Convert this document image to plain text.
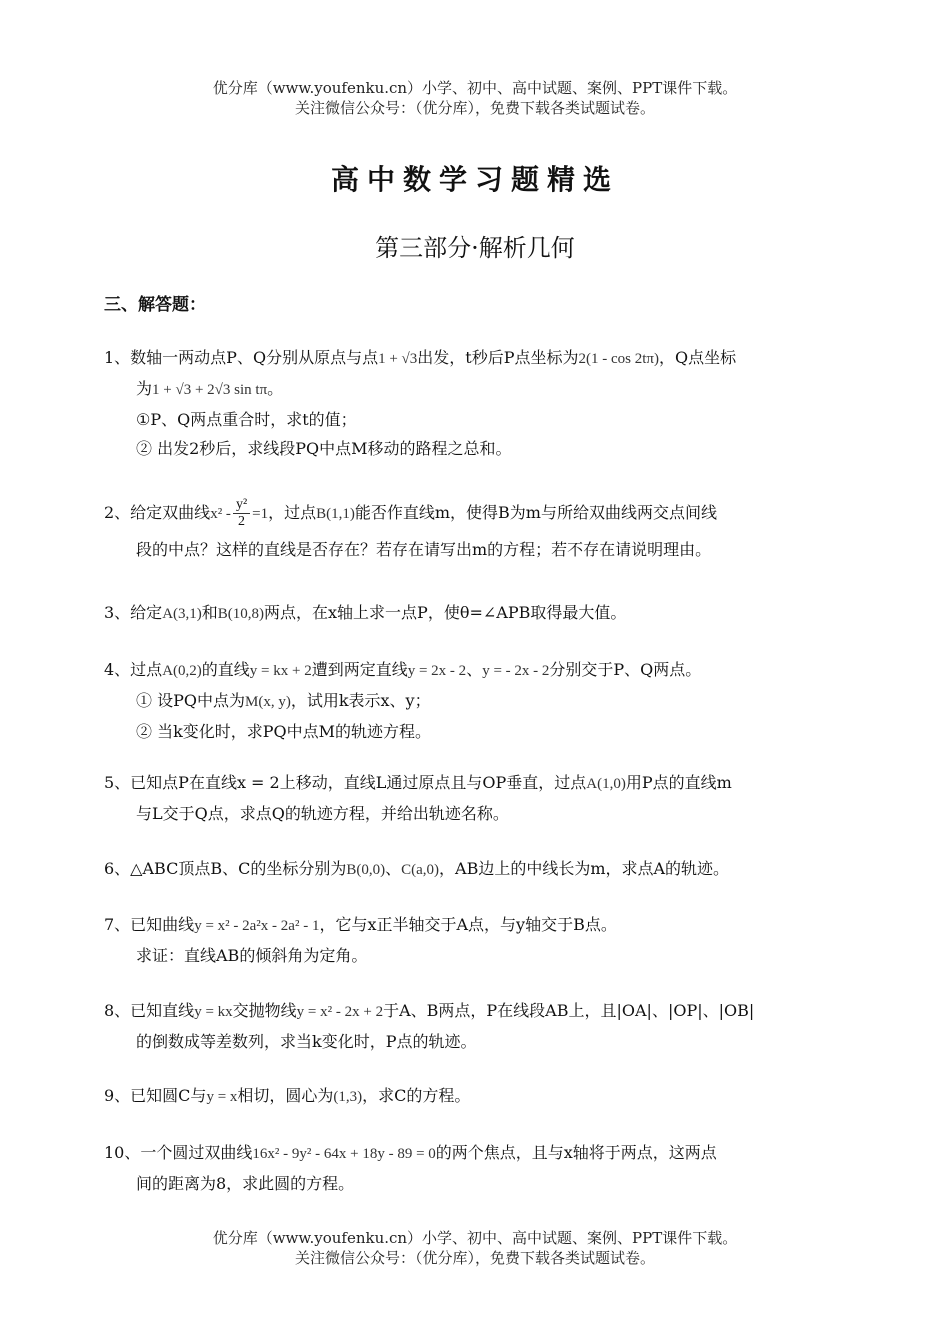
优分库（www.youfenku.cn）小学、初中、高中试题、案例、PPT课件下载。
关注微信公众号：（优分库），免费下载各类试题试卷。
高中数学习题精选
第三部分·解析几何
三、解答题：
1、数轴一两动点P、Q分别从原点与点1 + √3出发，t秒后P点坐标为2(1 - cos 2tπ)，Q点坐标
为1 + √3 + 2√3 sin tπ。
①P、Q两点重合时，求t的值；
② 出发2秒后，求线段PQ中点M移动的路程之总和。
2、给定双曲线$x^2 - \frac{\text{y²}}{2} =1$，过点B(1,1)能否作直线m，使得B为m与所给双曲线两交点间线
段的中点？这样的直线是否存在？若存在请写出m的方程；若不存在请说明理由。
3、给定A(3,1)和B(10,8)两点，在x轴上求一点P，使θ=∠APB取得最大值。
4、过点A(0,2)的直线y = kx + 2遭到两定直线y = 2x - 2、y = - 2x - 2分别交于P、Q两点。
① 设PQ中点为M(x, y)，试用k表示x、y；
② 当k变化时，求PQ中点M的轨迹方程。
5、已知点P在直线x = 2上移动，直线L通过原点且与OP垂直，过点A(1,0)用P点的直线m
与L交于Q点，求点Q的轨迹方程，并给出轨迹名称。
6、△ABC顶点B、C的坐标分别为B(0,0)、C(a,0)，AB边上的中线长为m，求点A的轨迹。
7、已知曲线y = x² - 2a²x - 2a² - 1，它与x正半轴交于A点，与y轴交于B点。
求证：直线AB的倾斜角为定角。
8、已知直线y = kx交抛物线y = x² - 2x + 2于A、B两点，P在线段AB上，且|OA|、|OP|、|OB|
的倒数成等差数列，求当k变化时，P点的轨迹。
9、已知圆C与y = x相切，圆心为(1,3)，求C的方程。
10、一个圆过双曲线16x² - 9y² - 64x + 18y - 89 = 0的两个焦点，且与x轴将于两点，这两点
间的距离为8，求此圆的方程。
优分库（www.youfenku.cn）小学、初中、高中试题、案例、PPT课件下载。
关注微信公众号：（优分库），免费下载各类试题试卷。
